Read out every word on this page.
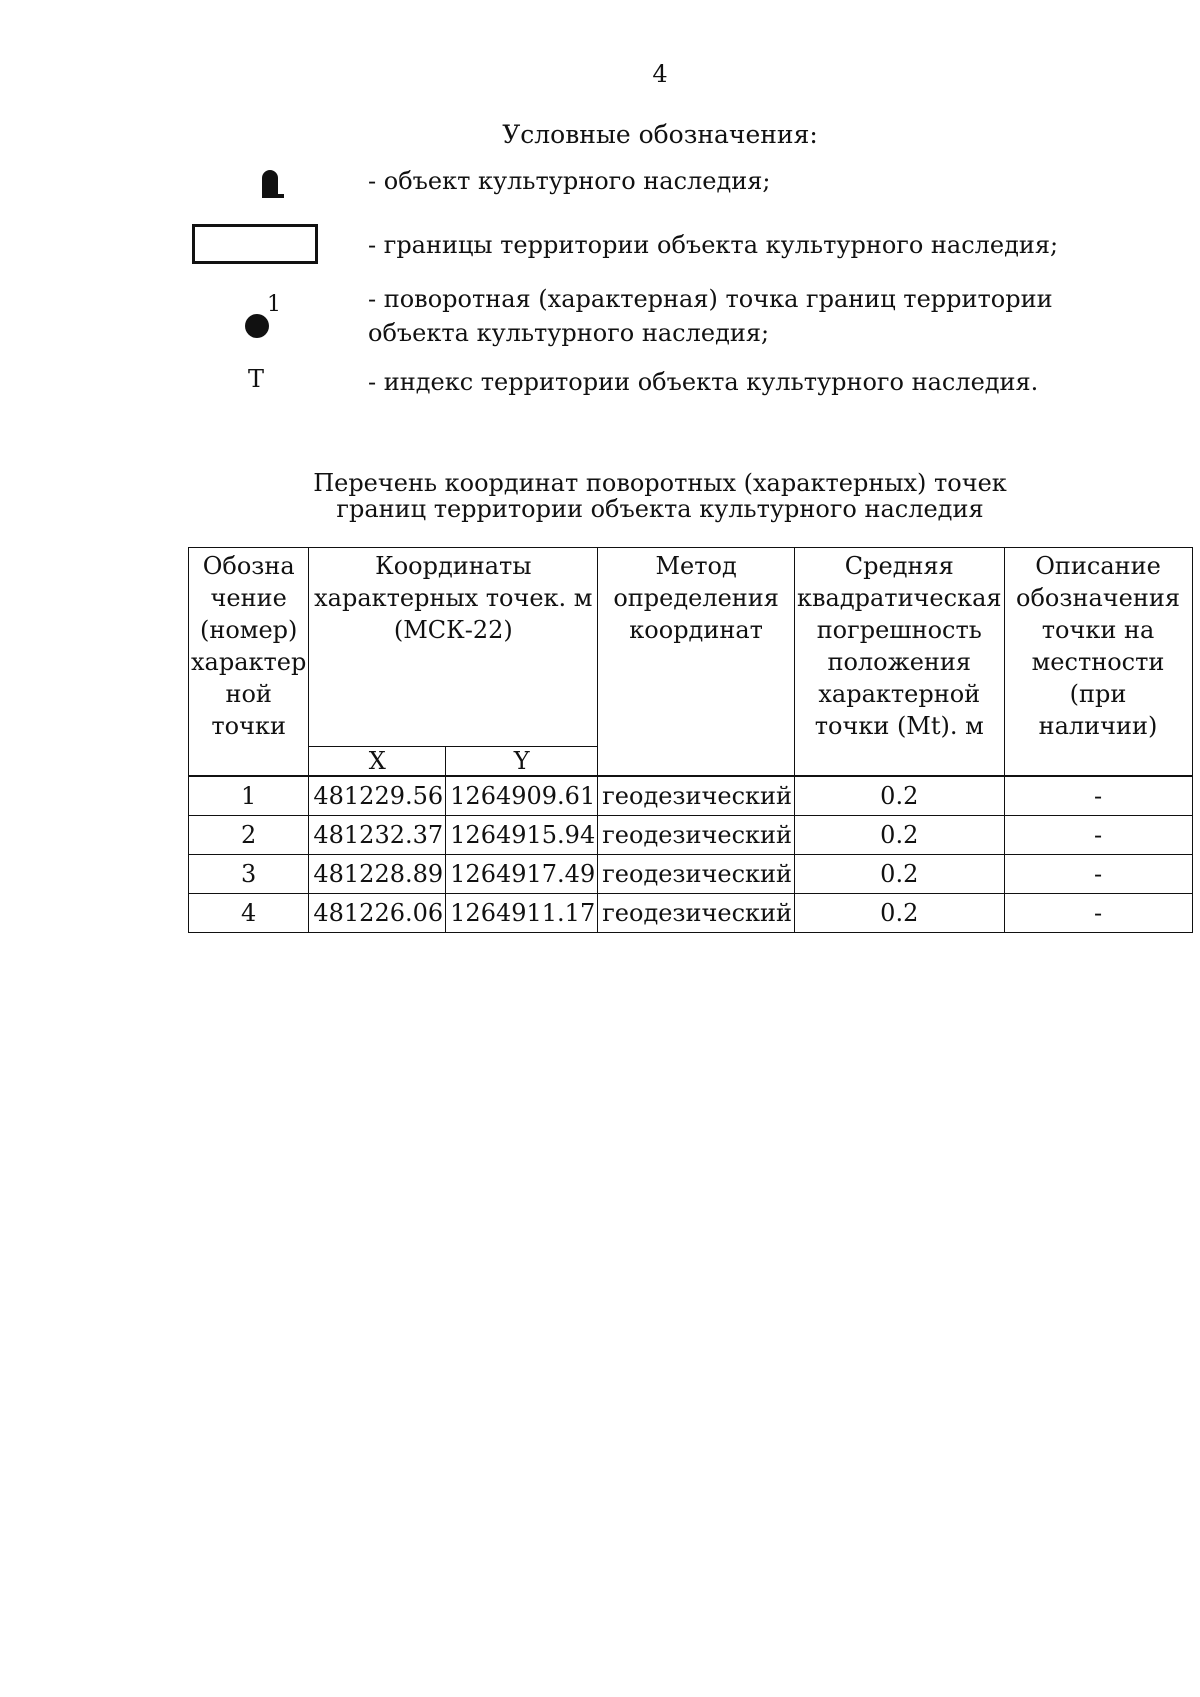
4
Условные обозначения:
- объект культурного наследия;
- границы территории объекта культурного наследия;
1	- поворотная (характерная) точка границ территории объекта культурного наследия;
Т	- индекс территории объекта культурного наследия.
Перечень координат поворотных (характерных) точек
границ территории объекта культурного наследия
Обозна чение (номер) характер ной точки	Координаты характерных точек. м (МСК-22)		Метод определения координат	Средняя квадратическая погрешность положения характерной точки (Mt). м	Описание обозначения точки на местности (при наличии)
	X	Y			
1	481229.56	1264909.61	геодезический	0.2	-
2	481232.37	1264915.94	геодезический	0.2	-
3	481228.89	1264917.49	геодезический	0.2	-
4	481226.06	1264911.17	геодезический	0.2	-
